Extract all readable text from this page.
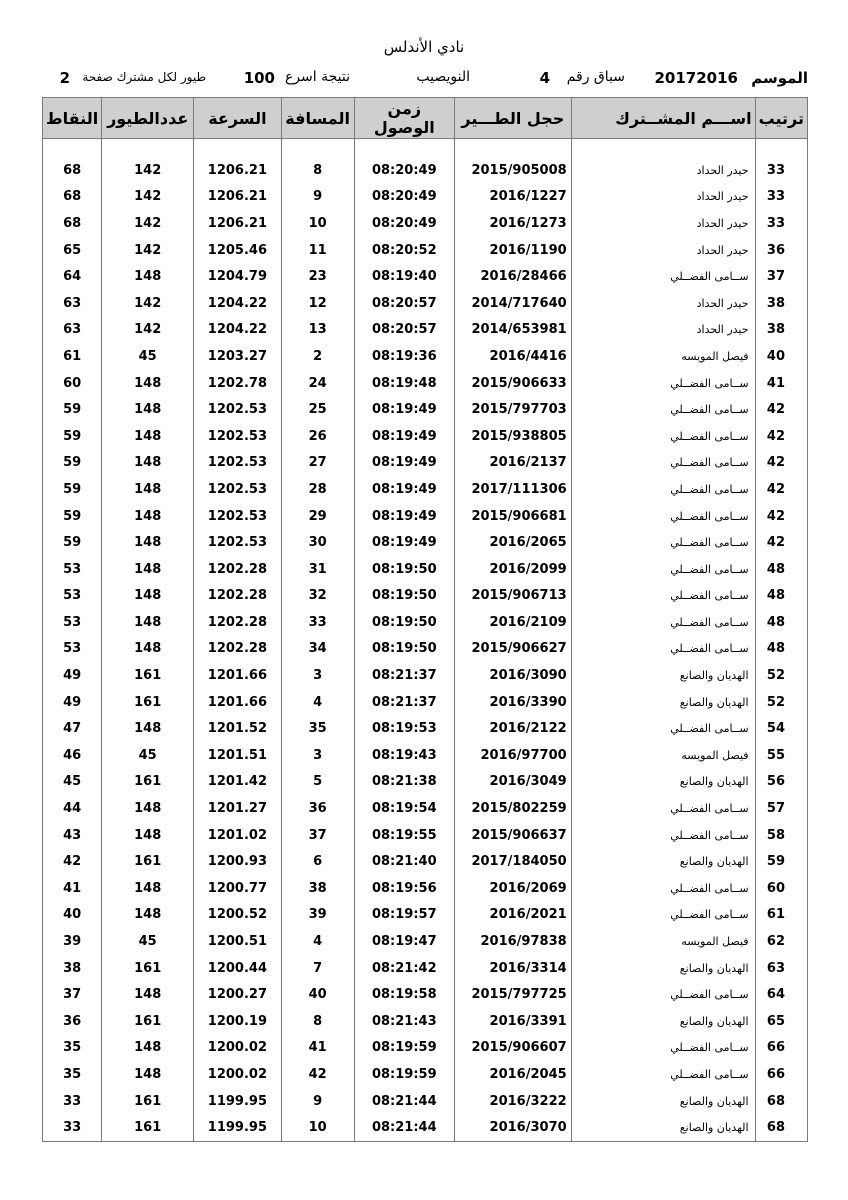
نادي الأندلس
الموسم
20172016
سباق رقم
4
النويصيب
نتيجة اسرع
100
طيور لكل مشترك صفحة
2
ترتيب	اســـم المشــترك	حجل الطـــير	زمن الوصول	المسافة	السرعة	عددالطيور	النقاط
33	حيدر الحداد	2015/905008	08:20:49	8	1206.21	142	68
33	حيدر الحداد	2016/1227	08:20:49	9	1206.21	142	68
33	حيدر الحداد	2016/1273	08:20:49	10	1206.21	142	68
36	حيدر الحداد	2016/1190	08:20:52	11	1205.46	142	65
37	ســامى الفضــلي	2016/28466	08:19:40	23	1204.79	148	64
38	حيدر الحداد	2014/717640	08:20:57	12	1204.22	142	63
38	حيدر الحداد	2014/653981	08:20:57	13	1204.22	142	63
40	فيصل المويسه	2016/4416	08:19:36	2	1203.27	45	61
41	ســامى الفضــلي	2015/906633	08:19:48	24	1202.78	148	60
42	ســامى الفضــلي	2015/797703	08:19:49	25	1202.53	148	59
42	ســامى الفضــلي	2015/938805	08:19:49	26	1202.53	148	59
42	ســامى الفضــلي	2016/2137	08:19:49	27	1202.53	148	59
42	ســامى الفضــلي	2017/111306	08:19:49	28	1202.53	148	59
42	ســامى الفضــلي	2015/906681	08:19:49	29	1202.53	148	59
42	ســامى الفضــلي	2016/2065	08:19:49	30	1202.53	148	59
48	ســامى الفضــلي	2016/2099	08:19:50	31	1202.28	148	53
48	ســامى الفضــلي	2015/906713	08:19:50	32	1202.28	148	53
48	ســامى الفضــلي	2016/2109	08:19:50	33	1202.28	148	53
48	ســامى الفضــلي	2015/906627	08:19:50	34	1202.28	148	53
52	الهديان والصانع	2016/3090	08:21:37	3	1201.66	161	49
52	الهديان والصانع	2016/3390	08:21:37	4	1201.66	161	49
54	ســامى الفضــلي	2016/2122	08:19:53	35	1201.52	148	47
55	فيصل المويسه	2016/97700	08:19:43	3	1201.51	45	46
56	الهديان والصانع	2016/3049	08:21:38	5	1201.42	161	45
57	ســامى الفضــلي	2015/802259	08:19:54	36	1201.27	148	44
58	ســامى الفضــلي	2015/906637	08:19:55	37	1201.02	148	43
59	الهديان والصانع	2017/184050	08:21:40	6	1200.93	161	42
60	ســامى الفضــلي	2016/2069	08:19:56	38	1200.77	148	41
61	ســامى الفضــلي	2016/2021	08:19:57	39	1200.52	148	40
62	فيصل المويسه	2016/97838	08:19:47	4	1200.51	45	39
63	الهديان والصانع	2016/3314	08:21:42	7	1200.44	161	38
64	ســامى الفضــلي	2015/797725	08:19:58	40	1200.27	148	37
65	الهديان والصانع	2016/3391	08:21:43	8	1200.19	161	36
66	ســامى الفضــلي	2015/906607	08:19:59	41	1200.02	148	35
66	ســامى الفضــلي	2016/2045	08:19:59	42	1200.02	148	35
68	الهديان والصانع	2016/3222	08:21:44	9	1199.95	161	33
68	الهديان والصانع	2016/3070	08:21:44	10	1199.95	161	33
